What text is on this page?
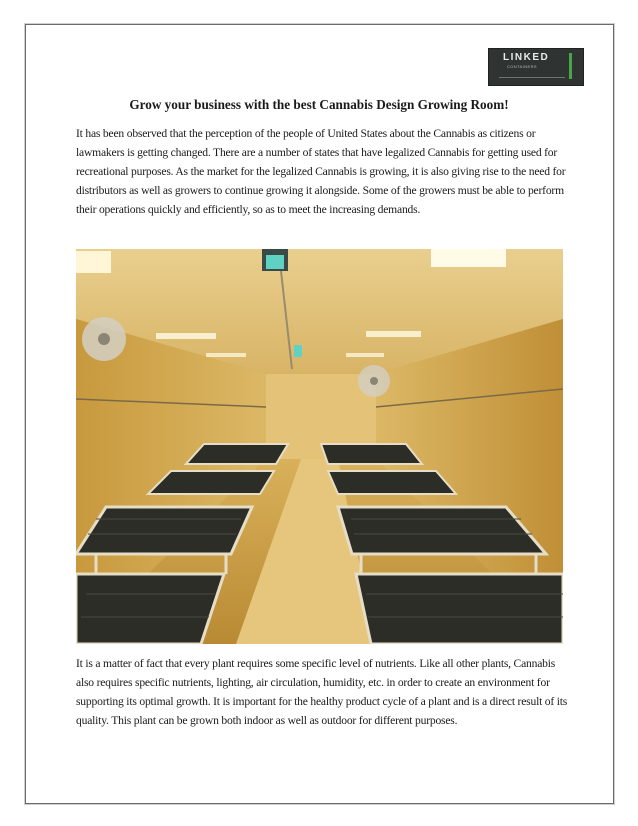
LINKED
CONTAINERS
Grow your business with the best Cannabis Design Growing Room!

It has been observed that the perception of the people of United States about the Cannabis as citizens or lawmakers is getting changed. There are a number of states that have legalized Cannabis for getting used for recreational purposes. As the market for the legalized Cannabis is growing, it is also giving rise to the need for distributors as well as growers to continue growing it alongside. Some of the growers must be able to perform their operations quickly and efficiently, so as to meet the increasing demands.

It is a matter of fact that every plant requires some specific level of nutrients. Like all other plants, Cannabis also requires specific nutrients, lighting, air circulation, humidity, etc. in order to create an environment for supporting its optimal growth. It is important for the healthy product cycle of a plant and is a direct result of its quality. This plant can be grown both indoor as well as outdoor for different purposes.
